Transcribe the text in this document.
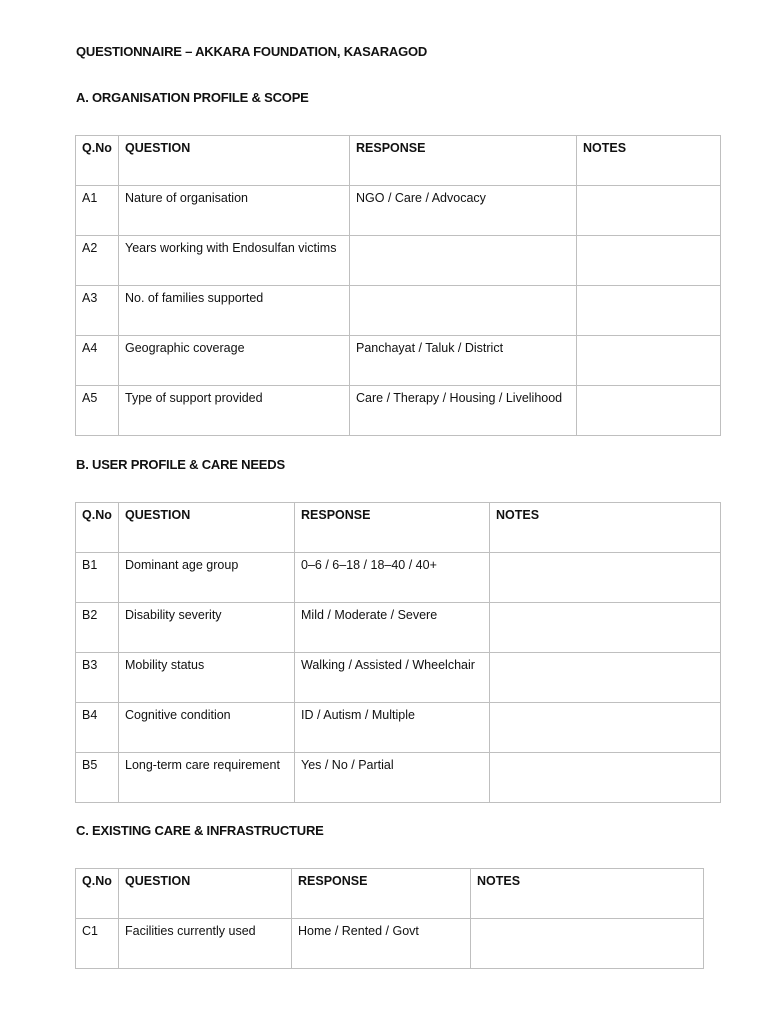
QUESTIONNAIRE – AKKARA FOUNDATION, KASARAGOD
A. ORGANISATION PROFILE & SCOPE
Q.No	QUESTION	RESPONSE	NOTES
A1	Nature of organisation	NGO / Care / Advocacy	
A2	Years working with Endosulfan victims		
A3	No. of families supported		
A4	Geographic coverage	Panchayat / Taluk / District	
A5	Type of support provided	Care / Therapy / Housing / Livelihood	
B. USER PROFILE & CARE NEEDS
Q.No	QUESTION	RESPONSE	NOTES
B1	Dominant age group	0–6 / 6–18 / 18–40 / 40+	
B2	Disability severity	Mild / Moderate / Severe	
B3	Mobility status	Walking / Assisted / Wheelchair	
B4	Cognitive condition	ID / Autism / Multiple	
B5	Long-term care requirement	Yes / No / Partial	
C. EXISTING CARE & INFRASTRUCTURE
Q.No	QUESTION	RESPONSE	NOTES
C1	Facilities currently used	Home / Rented / Govt	
